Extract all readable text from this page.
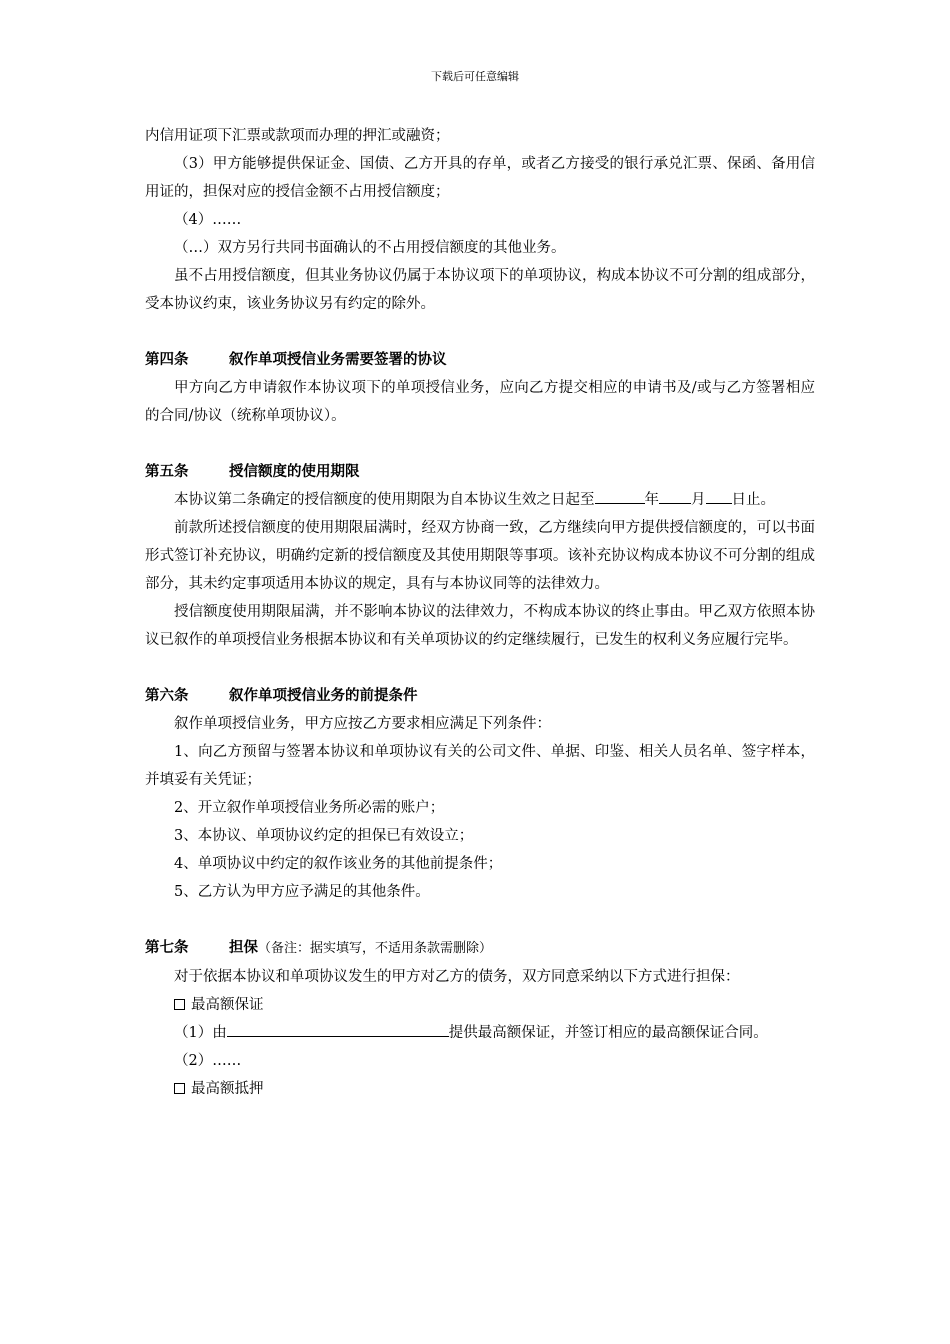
下载后可任意编辑

内信用证项下汇票或款项而办理的押汇或融资；

（3）甲方能够提供保证金、国债、乙方开具的存单，或者乙方接受的银行承兑汇票、保函、备用信用证的，担保对应的授信金额不占用授信额度；

（4）……

（…）双方另行共同书面确认的不占用授信额度的其他业务。

虽不占用授信额度，但其业务协议仍属于本协议项下的单项协议，构成本协议不可分割的组成部分，受本协议约束，该业务协议另有约定的除外。

第四条	叙作单项授信业务需要签署的协议

甲方向乙方申请叙作本协议项下的单项授信业务，应向乙方提交相应的申请书及/或与乙方签署相应的合同/协议（统称单项协议）。

第五条	授信额度的使用期限

本协议第二条确定的授信额度的使用期限为自本协议生效之日起至	年 月 日止。

前款所述授信额度的使用期限届满时，经双方协商一致，乙方继续向甲方提供授信额度的，可以书面形式签订补充协议，明确约定新的授信额度及其使用期限等事项。该补充协议构成本协议不可分割的组成部分，其未约定事项适用本协议的规定，具有与本协议同等的法律效力。

授信额度使用期限届满，并不影响本协议的法律效力，不构成本协议的终止事由。甲乙双方依照本协议已叙作的单项授信业务根据本协议和有关单项协议的约定继续履行，已发生的权利义务应履行完毕。

第六条	叙作单项授信业务的前提条件

叙作单项授信业务，甲方应按乙方要求相应满足下列条件：

1、向乙方预留与签署本协议和单项协议有关的公司文件、单据、印鉴、相关人员名单、签字样本，并填妥有关凭证；

2、开立叙作单项授信业务所必需的账户；

3、本协议、单项协议约定的担保已有效设立；

4、单项协议中约定的叙作该业务的其他前提条件；

5、乙方认为甲方应予满足的其他条件。

第七条	担保（备注：据实填写，不适用条款需删除）

对于依据本协议和单项协议发生的甲方对乙方的债务，双方同意采纳以下方式进行担保：

最高额保证

（1）由	提供最高额保证，并签订相应的最高额保证合同。

（2）……

最高额抵押
